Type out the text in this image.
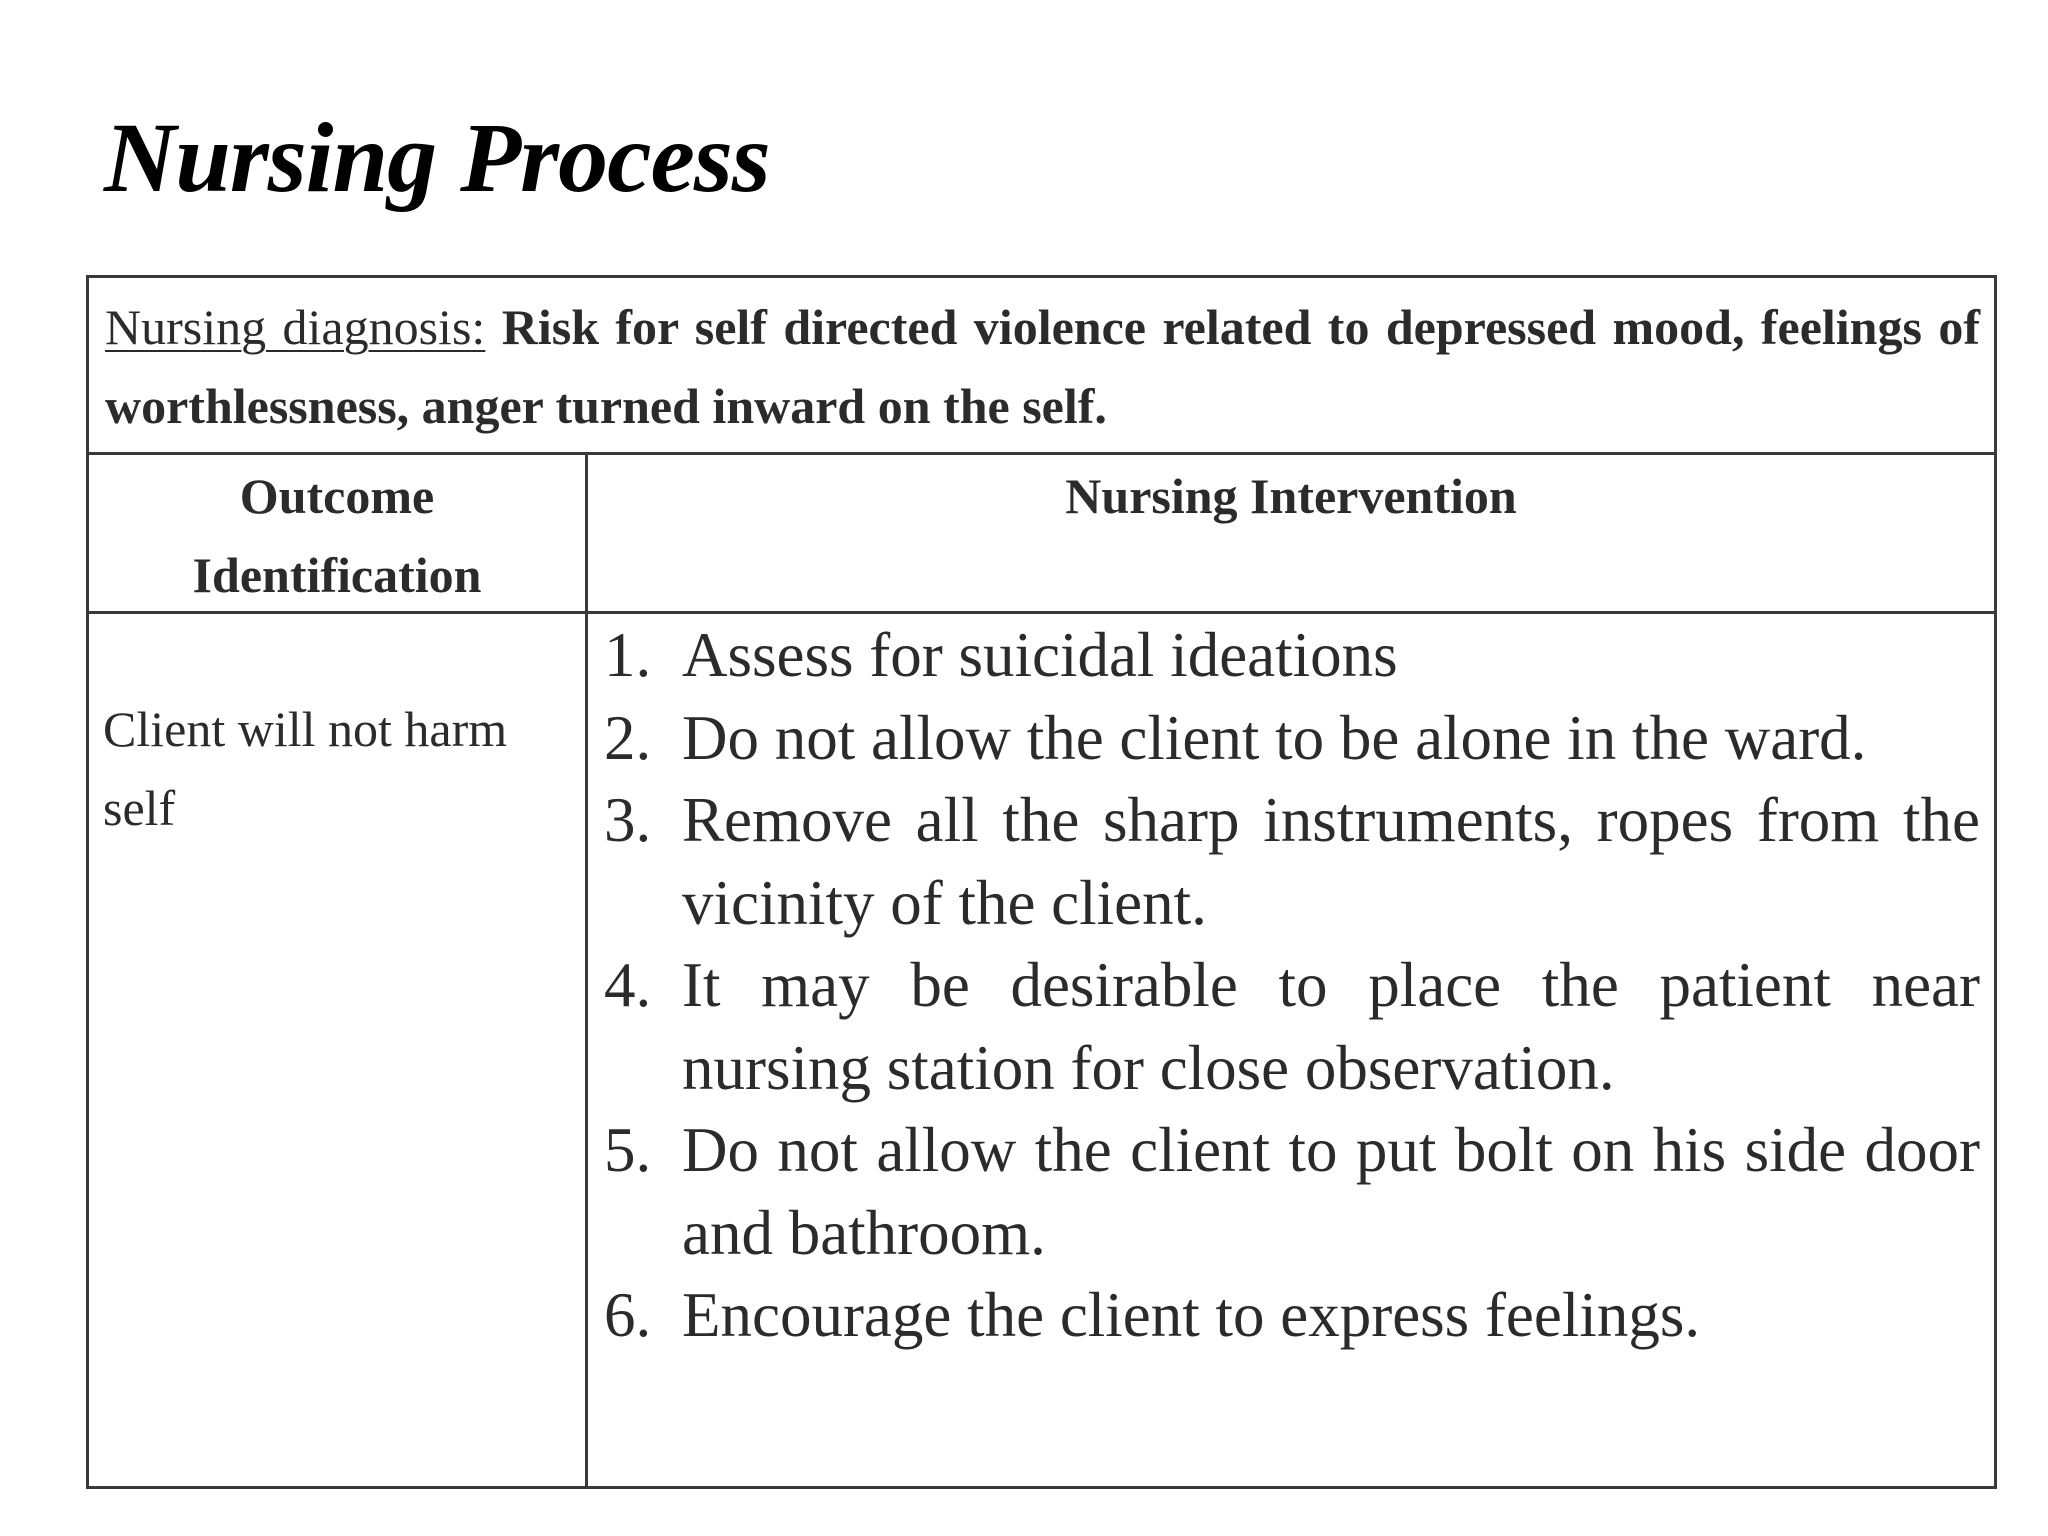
Nursing Process
Nursing diagnosis: Risk for self directed violence related to depressed mood, feelings of worthlessness, anger turned inward on the self.
Outcome Identification
Nursing Intervention
Client will not harm self
1. Assess for suicidal ideations
2. Do not allow the client to be alone in the ward.
3. Remove all the sharp instruments, ropes from the vicinity of the client.
4. It may be desirable to place the patient near nursing station for close observation.
5. Do not allow the client to put bolt on his side door and bathroom.
6. Encourage the client to express feelings.
